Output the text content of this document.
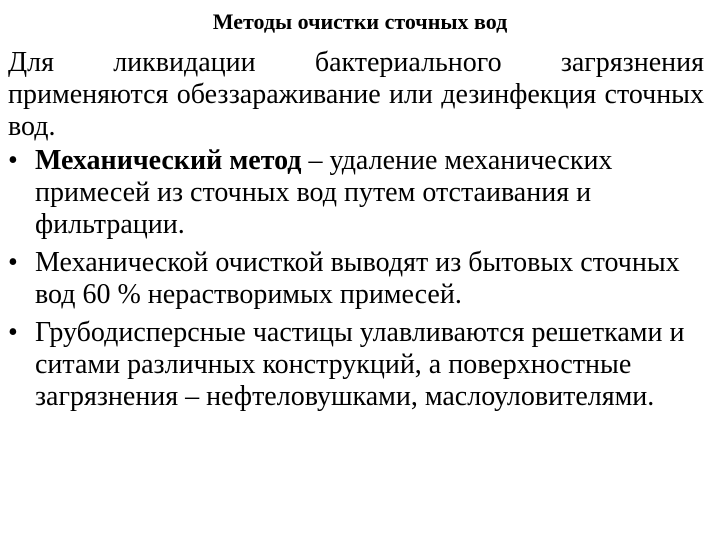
Методы очистки сточных вод
Для ликвидации бактериального загрязнения применяются обеззараживание или дезинфекция сточных вод.
• Механический метод – удаление механических примесей из сточных вод путем отстаивания и фильтрации.
• Механической очисткой выводят из бытовых сточных вод 60 % нерастворимых примесей.
• Грубодисперсные частицы улавливаются решетками и ситами различных конструкций, а поверхностные загрязнения – нефтеловушками, маслоуловителями.
